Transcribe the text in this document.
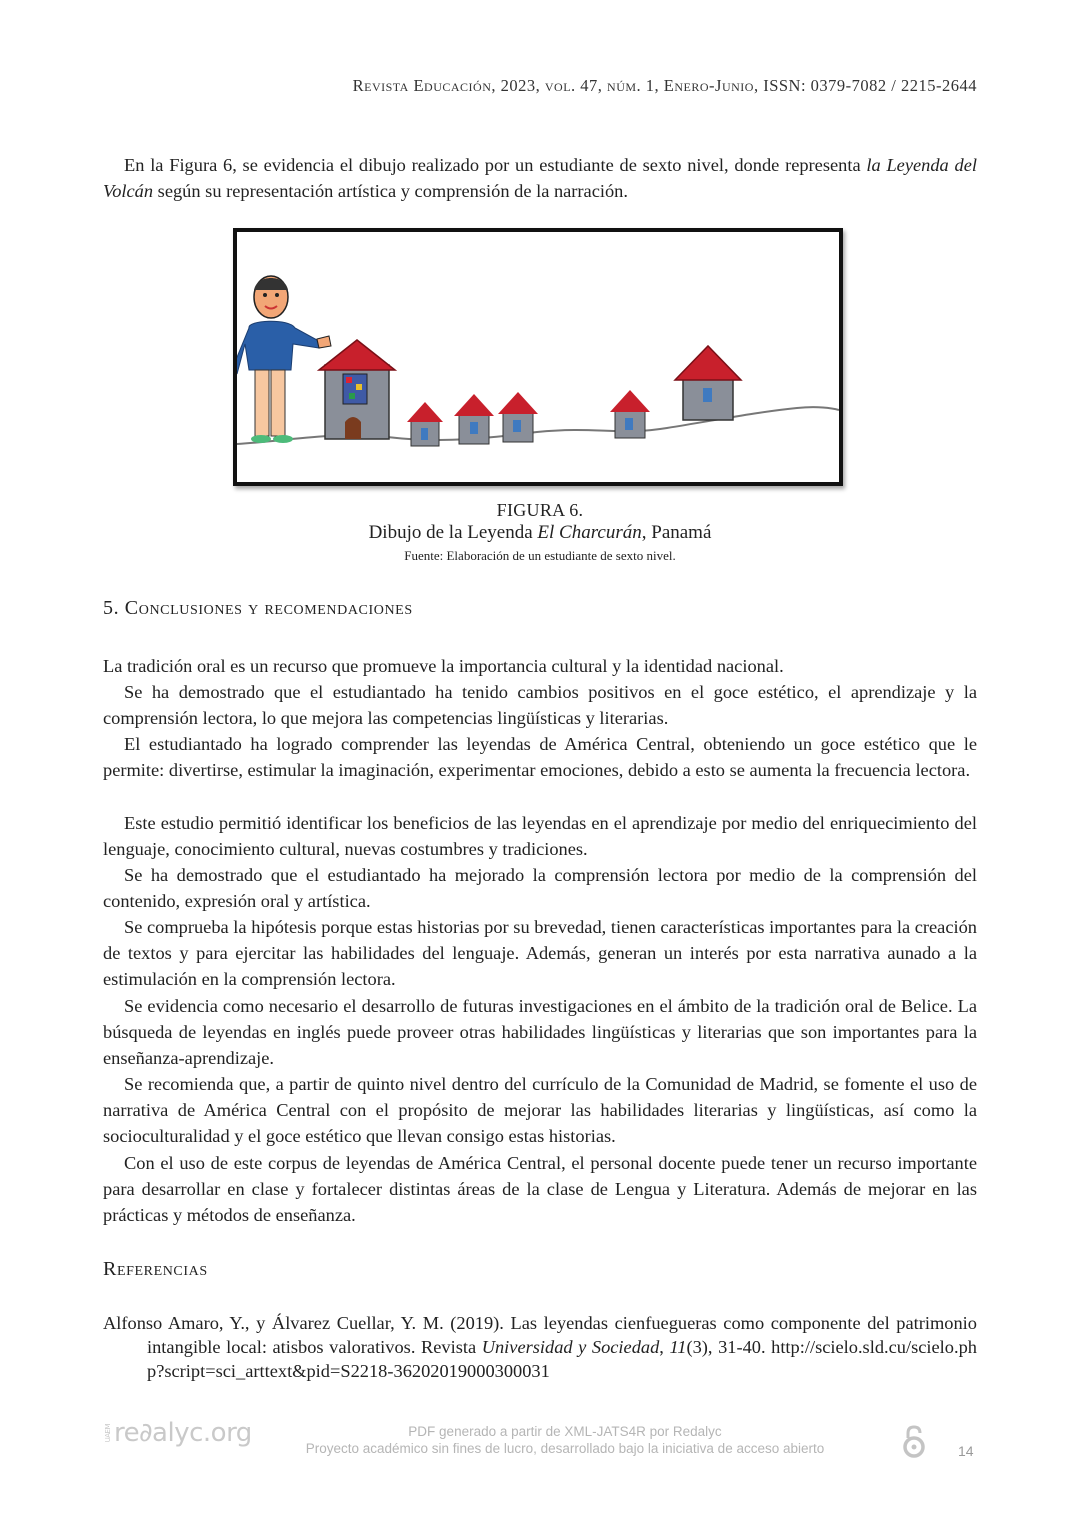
Revista Educación, 2023, vol. 47, núm. 1, Enero-Junio, ISSN: 0379-7082 / 2215-2644

En la Figura 6, se evidencia el dibujo realizado por un estudiante de sexto nivel, donde representa la Leyenda del Volcán según su representación artística y comprensión de la narración.

FIGURA 6.

Dibujo de la Leyenda El Charcurán, Panamá

Fuente: Elaboración de un estudiante de sexto nivel.

5. Conclusiones y recomendaciones

La tradición oral es un recurso que promueve la importancia cultural y la identidad nacional.

Se ha demostrado que el estudiantado ha tenido cambios positivos en el goce estético, el aprendizaje y la comprensión lectora, lo que mejora las competencias lingüísticas y literarias.

El estudiantado ha logrado comprender las leyendas de América Central, obteniendo un goce estético que le permite: divertirse, estimular la imaginación, experimentar emociones, debido a esto se aumenta la frecuencia lectora.

Este estudio permitió identificar los beneficios de las leyendas en el aprendizaje por medio del enriquecimiento del lenguaje, conocimiento cultural, nuevas costumbres y tradiciones.

Se ha demostrado que el estudiantado ha mejorado la comprensión lectora por medio de la comprensión del contenido, expresión oral y artística.

Se comprueba la hipótesis porque estas historias por su brevedad, tienen características importantes para la creación de textos y para ejercitar las habilidades del lenguaje. Además, generan un interés por esta narrativa aunado a la estimulación en la comprensión lectora.

Se evidencia como necesario el desarrollo de futuras investigaciones en el ámbito de la tradición oral de Belice. La búsqueda de leyendas en inglés puede proveer otras habilidades lingüísticas y literarias que son importantes para la enseñanza-aprendizaje.

Se recomienda que, a partir de quinto nivel dentro del currículo de la Comunidad de Madrid, se fomente el uso de narrativa de América Central con el propósito de mejorar las habilidades literarias y lingüísticas, así como la socioculturalidad y el goce estético que llevan consigo estas historias.

Con el uso de este corpus de leyendas de América Central, el personal docente puede tener un recurso importante para desarrollar en clase y fortalecer distintas áreas de la clase de Lengua y Literatura. Además de mejorar en las prácticas y métodos de enseñanza.

Referencias

Alfonso Amaro, Y., y Álvarez Cuellar, Y. M. (2019). Las leyendas cienfuegueras como componente del patrimonio intangible local: atisbos valorativos. Revista Universidad y Sociedad, 11(3), 31-40. http://scielo.sld.cu/scielo.php?script=sci_arttext&pid=S2218-36202019000300031

UAEMre∂alyc.org	PDF generado a partir de XML-JATS4R por Redalyc
Proyecto académico sin fines de lucro, desarrollado bajo la iniciativa de acceso abierto	14
